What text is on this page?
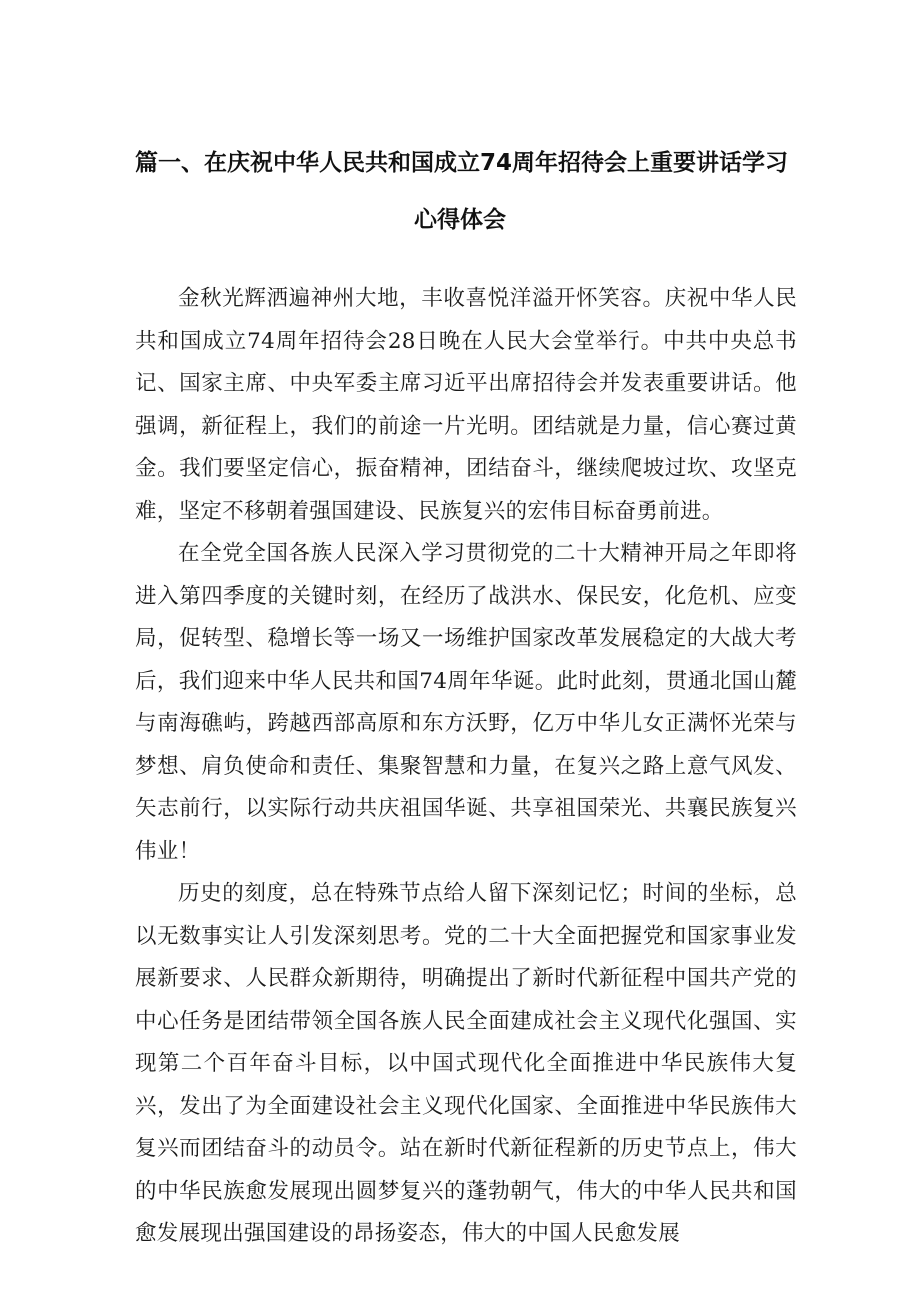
篇一、在庆祝中华人民共和国成立74周年招待会上重要讲话学习
心得体会

金秋光辉洒遍神州大地，丰收喜悦洋溢开怀笑容。庆祝中华人民共和国成立74周年招待会28日晚在人民大会堂举行。中共中央总书记、国家主席、中央军委主席习近平出席招待会并发表重要讲话。他强调，新征程上，我们的前途一片光明。团结就是力量，信心赛过黄金。我们要坚定信心，振奋精神，团结奋斗，继续爬坡过坎、攻坚克难，坚定不移朝着强国建设、民族复兴的宏伟目标奋勇前进。

在全党全国各族人民深入学习贯彻党的二十大精神开局之年即将进入第四季度的关键时刻，在经历了战洪水、保民安，化危机、应变局，促转型、稳增长等一场又一场维护国家改革发展稳定的大战大考后，我们迎来中华人民共和国74周年华诞。此时此刻，贯通北国山麓与南海礁屿，跨越西部高原和东方沃野，亿万中华儿女正满怀光荣与梦想、肩负使命和责任、集聚智慧和力量，在复兴之路上意气风发、矢志前行，以实际行动共庆祖国华诞、共享祖国荣光、共襄民族复兴伟业！

历史的刻度，总在特殊节点给人留下深刻记忆；时间的坐标，总以无数事实让人引发深刻思考。党的二十大全面把握党和国家事业发展新要求、人民群众新期待，明确提出了新时代新征程中国共产党的中心任务是团结带领全国各族人民全面建成社会主义现代化强国、实现第二个百年奋斗目标，以中国式现代化全面推进中华民族伟大复兴，发出了为全面建设社会主义现代化国家、全面推进中华民族伟大复兴而团结奋斗的动员令。站在新时代新征程新的历史节点上，伟大的中华民族愈发展现出圆梦复兴的蓬勃朝气，伟大的中华人民共和国愈发展现出强国建设的昂扬姿态，伟大的中国人民愈发展
